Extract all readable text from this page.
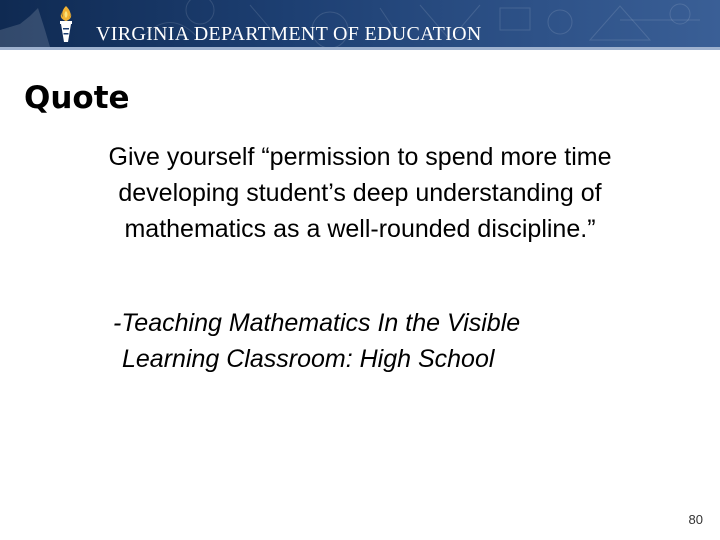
VIRGINIA DEPARTMENT OF EDUCATION
Quote

Give yourself “permission to spend more time
developing student’s deep understanding of
mathematics as a well-rounded discipline.”

-Teaching Mathematics In the Visible
Learning Classroom: High School

80
